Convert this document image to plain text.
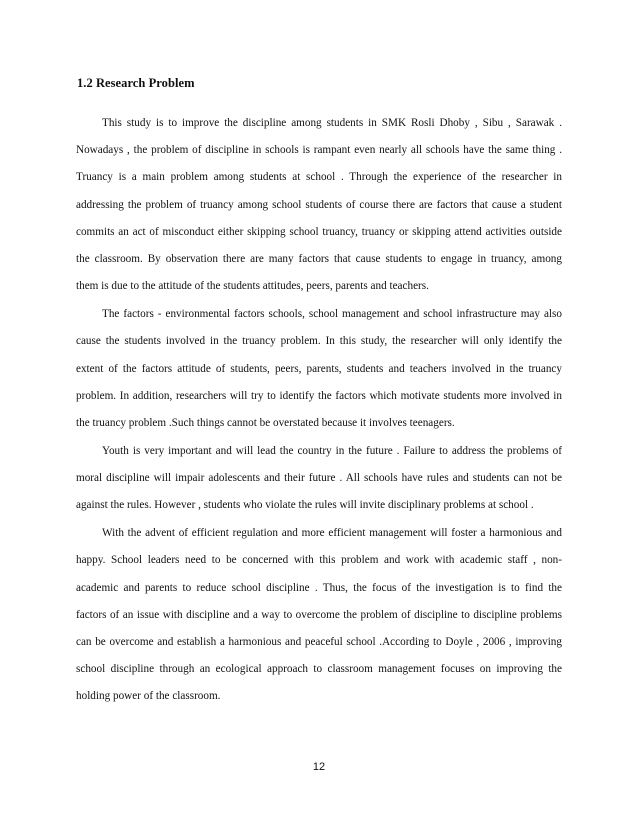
1.2 Research Problem
This study is to improve the discipline among students in SMK Rosli Dhoby , Sibu , Sarawak .
Nowadays , the problem of discipline in schools is rampant even nearly all schools have the same thing .
Truancy is a main problem among students at school . Through the experience of the researcher in
addressing the problem of truancy among school students of course there are factors that cause a student
commits an act of misconduct either skipping school truancy, truancy or skipping attend activities outside
the classroom. By observation there are many factors that cause students to engage in truancy, among
them is due to the attitude of the students attitudes, peers, parents and teachers.
The factors - environmental factors schools, school management and school infrastructure may also
cause the students involved in the truancy problem. In this study, the researcher will only identify the
extent of the factors attitude of students, peers, parents, students and teachers involved in the truancy
problem. In addition, researchers will try to identify the factors which motivate students more involved in
the truancy problem .Such things cannot be overstated because it involves teenagers.
Youth is very important and will lead the country in the future . Failure to address the problems of
moral discipline will impair adolescents and their future . All schools have rules and students can not be
against the rules. However , students who violate the rules will invite disciplinary problems at school .
With the advent of efficient regulation and more efficient management will foster a harmonious and
happy. School leaders need to be concerned with this problem and work with academic staff , non-
academic and parents to reduce school discipline . Thus, the focus of the investigation is to find the
factors of an issue with discipline and a way to overcome the problem of discipline to discipline problems
can be overcome and establish a harmonious and peaceful school .According to Doyle , 2006 , improving
school discipline through an ecological approach to classroom management focuses on improving the
holding power of the classroom.
12
